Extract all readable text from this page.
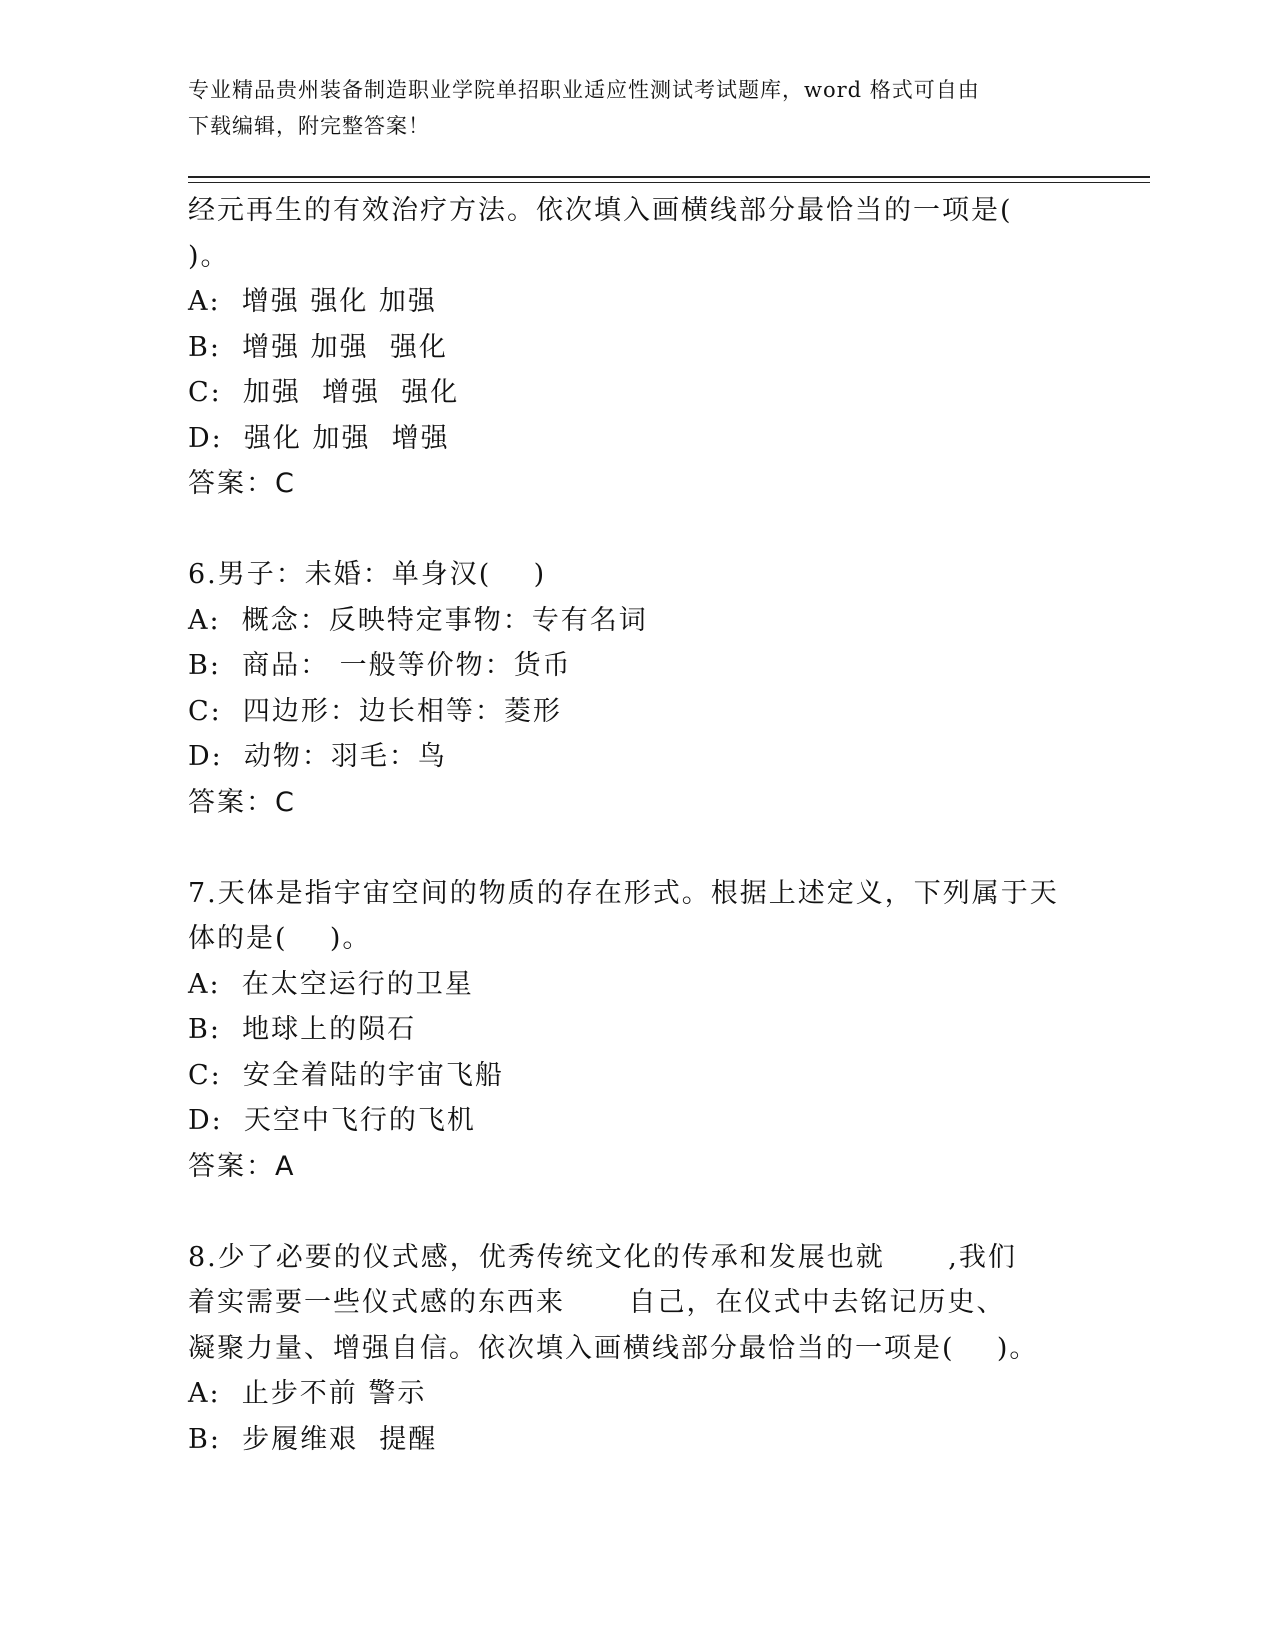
专业精品贵州装备制造职业学院单招职业适应性测试考试题库，word 格式可自由
下载编辑，附完整答案！
经元再生的有效治疗方法。依次填入画横线部分最恰当的一项是(
)。
A:  增强 强化 加强
B:  增强 加强  强化
C:  加强  增强  强化
D:  强化 加强  增强
答案：C
6.男子：未婚：单身汉(    )
A:  概念：反映特定事物：专有名词
B:  商品： 一般等价物：货币
C:  四边形：边长相等：菱形
D:  动物：羽毛：鸟
答案：C
7.天体是指宇宙空间的物质的存在形式。根据上述定义，下列属于天
体的是(    )。
A:  在太空运行的卫星
B:  地球上的陨石
C:  安全着陆的宇宙飞船
D:  天空中飞行的飞机
答案：A
8.少了必要的仪式感，优秀传统文化的传承和发展也就      ,我们
着实需要一些仪式感的东西来      自己，在仪式中去铭记历史、
凝聚力量、增强自信。依次填入画横线部分最恰当的一项是(    )。
A:  止步不前 警示
B:  步履维艰  提醒
